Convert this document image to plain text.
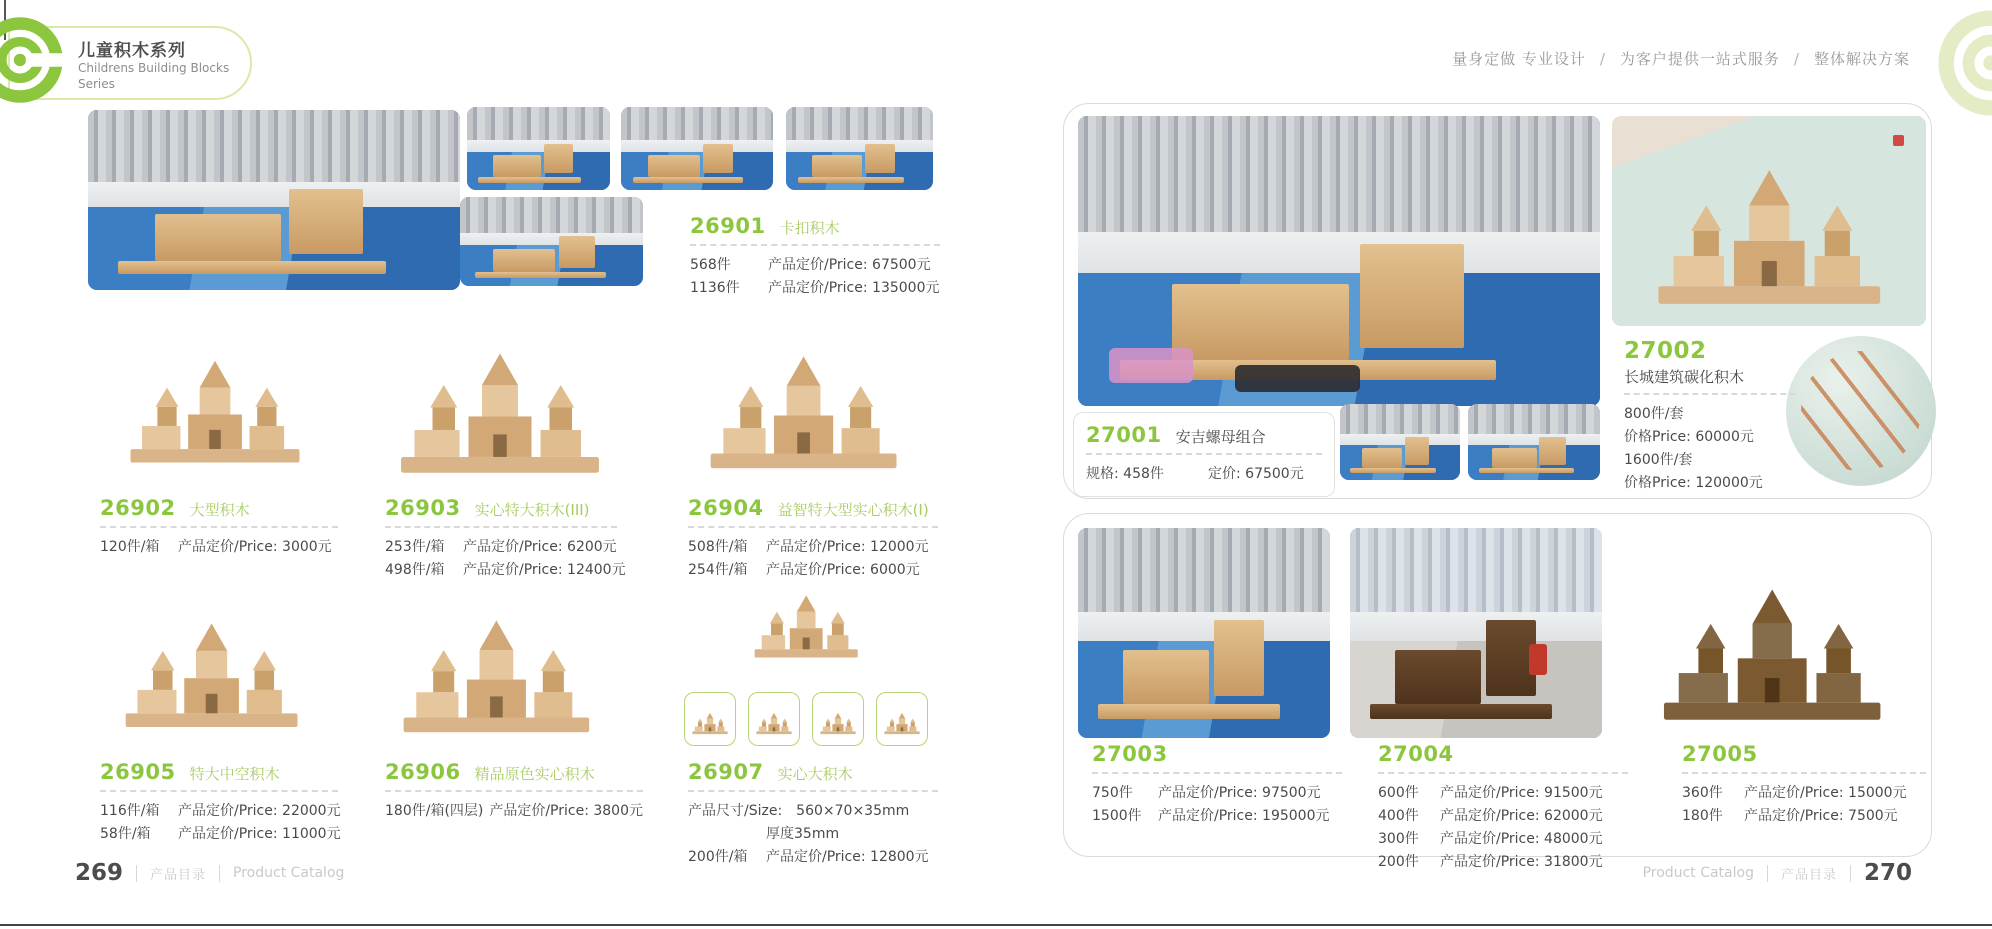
儿童积木系列
Childrens Building Blocks
Series
量身定做 专业设计 / 为客户提供一站式服务 / 整体解决方案
26901 卡扣积木
568件	产品定价/Price: 67500元
1136件	产品定价/Price: 135000元
26902 大型积木
120件/箱	产品定价/Price: 3000元
26903 实心特大积木(III)
253件/箱	产品定价/Price: 6200元
498件/箱	产品定价/Price: 12400元
26904 益智特大型实心积木(I)
508件/箱	产品定价/Price: 12000元
254件/箱	产品定价/Price: 6000元
26905 特大中空积木
116件/箱	产品定价/Price: 22000元
58件/箱	产品定价/Price: 11000元
26906 精品原色实心积木
180件/箱(四层) 产品定价/Price: 3800元
26907 实心大积木
产品尺寸/Size: 560×70×35mm
厚度35mm
200件/箱	产品定价/Price: 12800元
269 产品目录 Product Catalog
27001 安吉螺母组合
规格: 458件	定价: 67500元
27002
长城建筑碳化积木
800件/套
价格Price: 60000元
1600件/套
价格Price: 120000元
27003
750件	产品定价/Price: 97500元
1500件 产品定价/Price: 195000元
27004
600件	产品定价/Price: 91500元
400件	产品定价/Price: 62000元
300件	产品定价/Price: 48000元
200件	产品定价/Price: 31800元
27005
360件	产品定价/Price: 15000元
180件	产品定价/Price: 7500元
Product Catalog 产品目录 270
